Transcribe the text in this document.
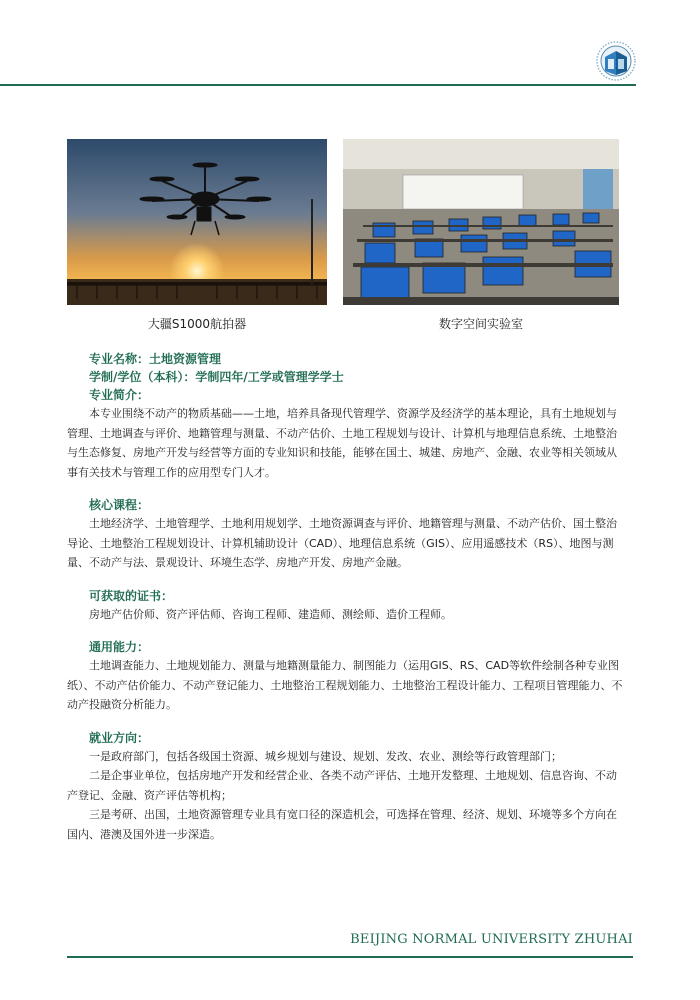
大疆S1000航拍器	数字空间实验室
专业名称：土地资源管理
学制/学位（本科）：学制四年/工学或管理学学士
专业简介：

本专业围绕不动产的物质基础——土地，培养具备现代管理学、资源学及经济学的基本理论，具有土地规划与管理、土地调查与评价、地籍管理与测量、不动产估价、土地工程规划与设计、计算机与地理信息系统、土地整治与生态修复、房地产开发与经营等方面的专业知识和技能，能够在国土、城建、房地产、金融、农业等相关领域从事有关技术与管理工作的应用型专门人才。

核心课程：

土地经济学、土地管理学、土地利用规划学、土地资源调查与评价、地籍管理与测量、不动产估价、国土整治导论、土地整治工程规划设计、计算机辅助设计（CAD）、地理信息系统（GIS）、应用遥感技术（RS）、地图与测量、不动产与法、景观设计、环境生态学、房地产开发、房地产金融。

可获取的证书：

房地产估价师、资产评估师、咨询工程师、建造师、测绘师、造价工程师。

通用能力：

土地调查能力、土地规划能力、测量与地籍测量能力、制图能力（运用GIS、RS、CAD等软件绘制各种专业图纸）、不动产估价能力、不动产登记能力、土地整治工程规划能力、土地整治工程设计能力、工程项目管理能力、不动产投融资分析能力。

就业方向：

一是政府部门，包括各级国土资源、城乡规划与建设、规划、发改、农业、测绘等行政管理部门；

二是企事业单位，包括房地产开发和经营企业、各类不动产评估、土地开发整理、土地规划、信息咨询、不动产登记、金融、资产评估等机构；

三是考研、出国，土地资源管理专业具有宽口径的深造机会，可选择在管理、经济、规划、环境等多个方向在国内、港澳及国外进一步深造。

BEIJING NORMAL UNIVERSITY ZHUHAI
